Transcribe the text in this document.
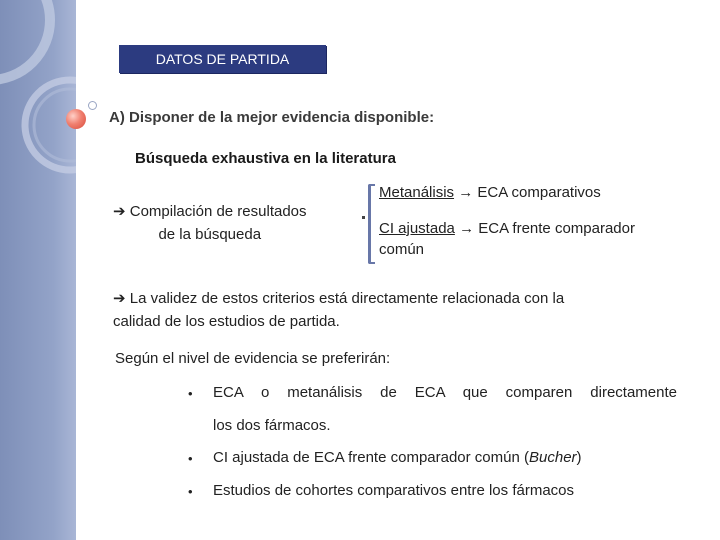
DATOS DE PARTIDA
A) Disponer de la mejor evidencia disponible:
Búsqueda exhaustiva en la literatura
➔ Compilación de resultados
de la búsqueda
Metanálisis → ECA comparativos
CI ajustada → ECA frente comparador
común
➔ La validez de estos criterios está directamente relacionada con la
calidad de los estudios de partida.
Según el nivel de evidencia se preferirán:
• ECA o metanálisis de ECA que comparen directamente
los dos fármacos.
• CI ajustada de ECA frente comparador común (Bucher)
• Estudios de cohortes comparativos entre los fármacos
